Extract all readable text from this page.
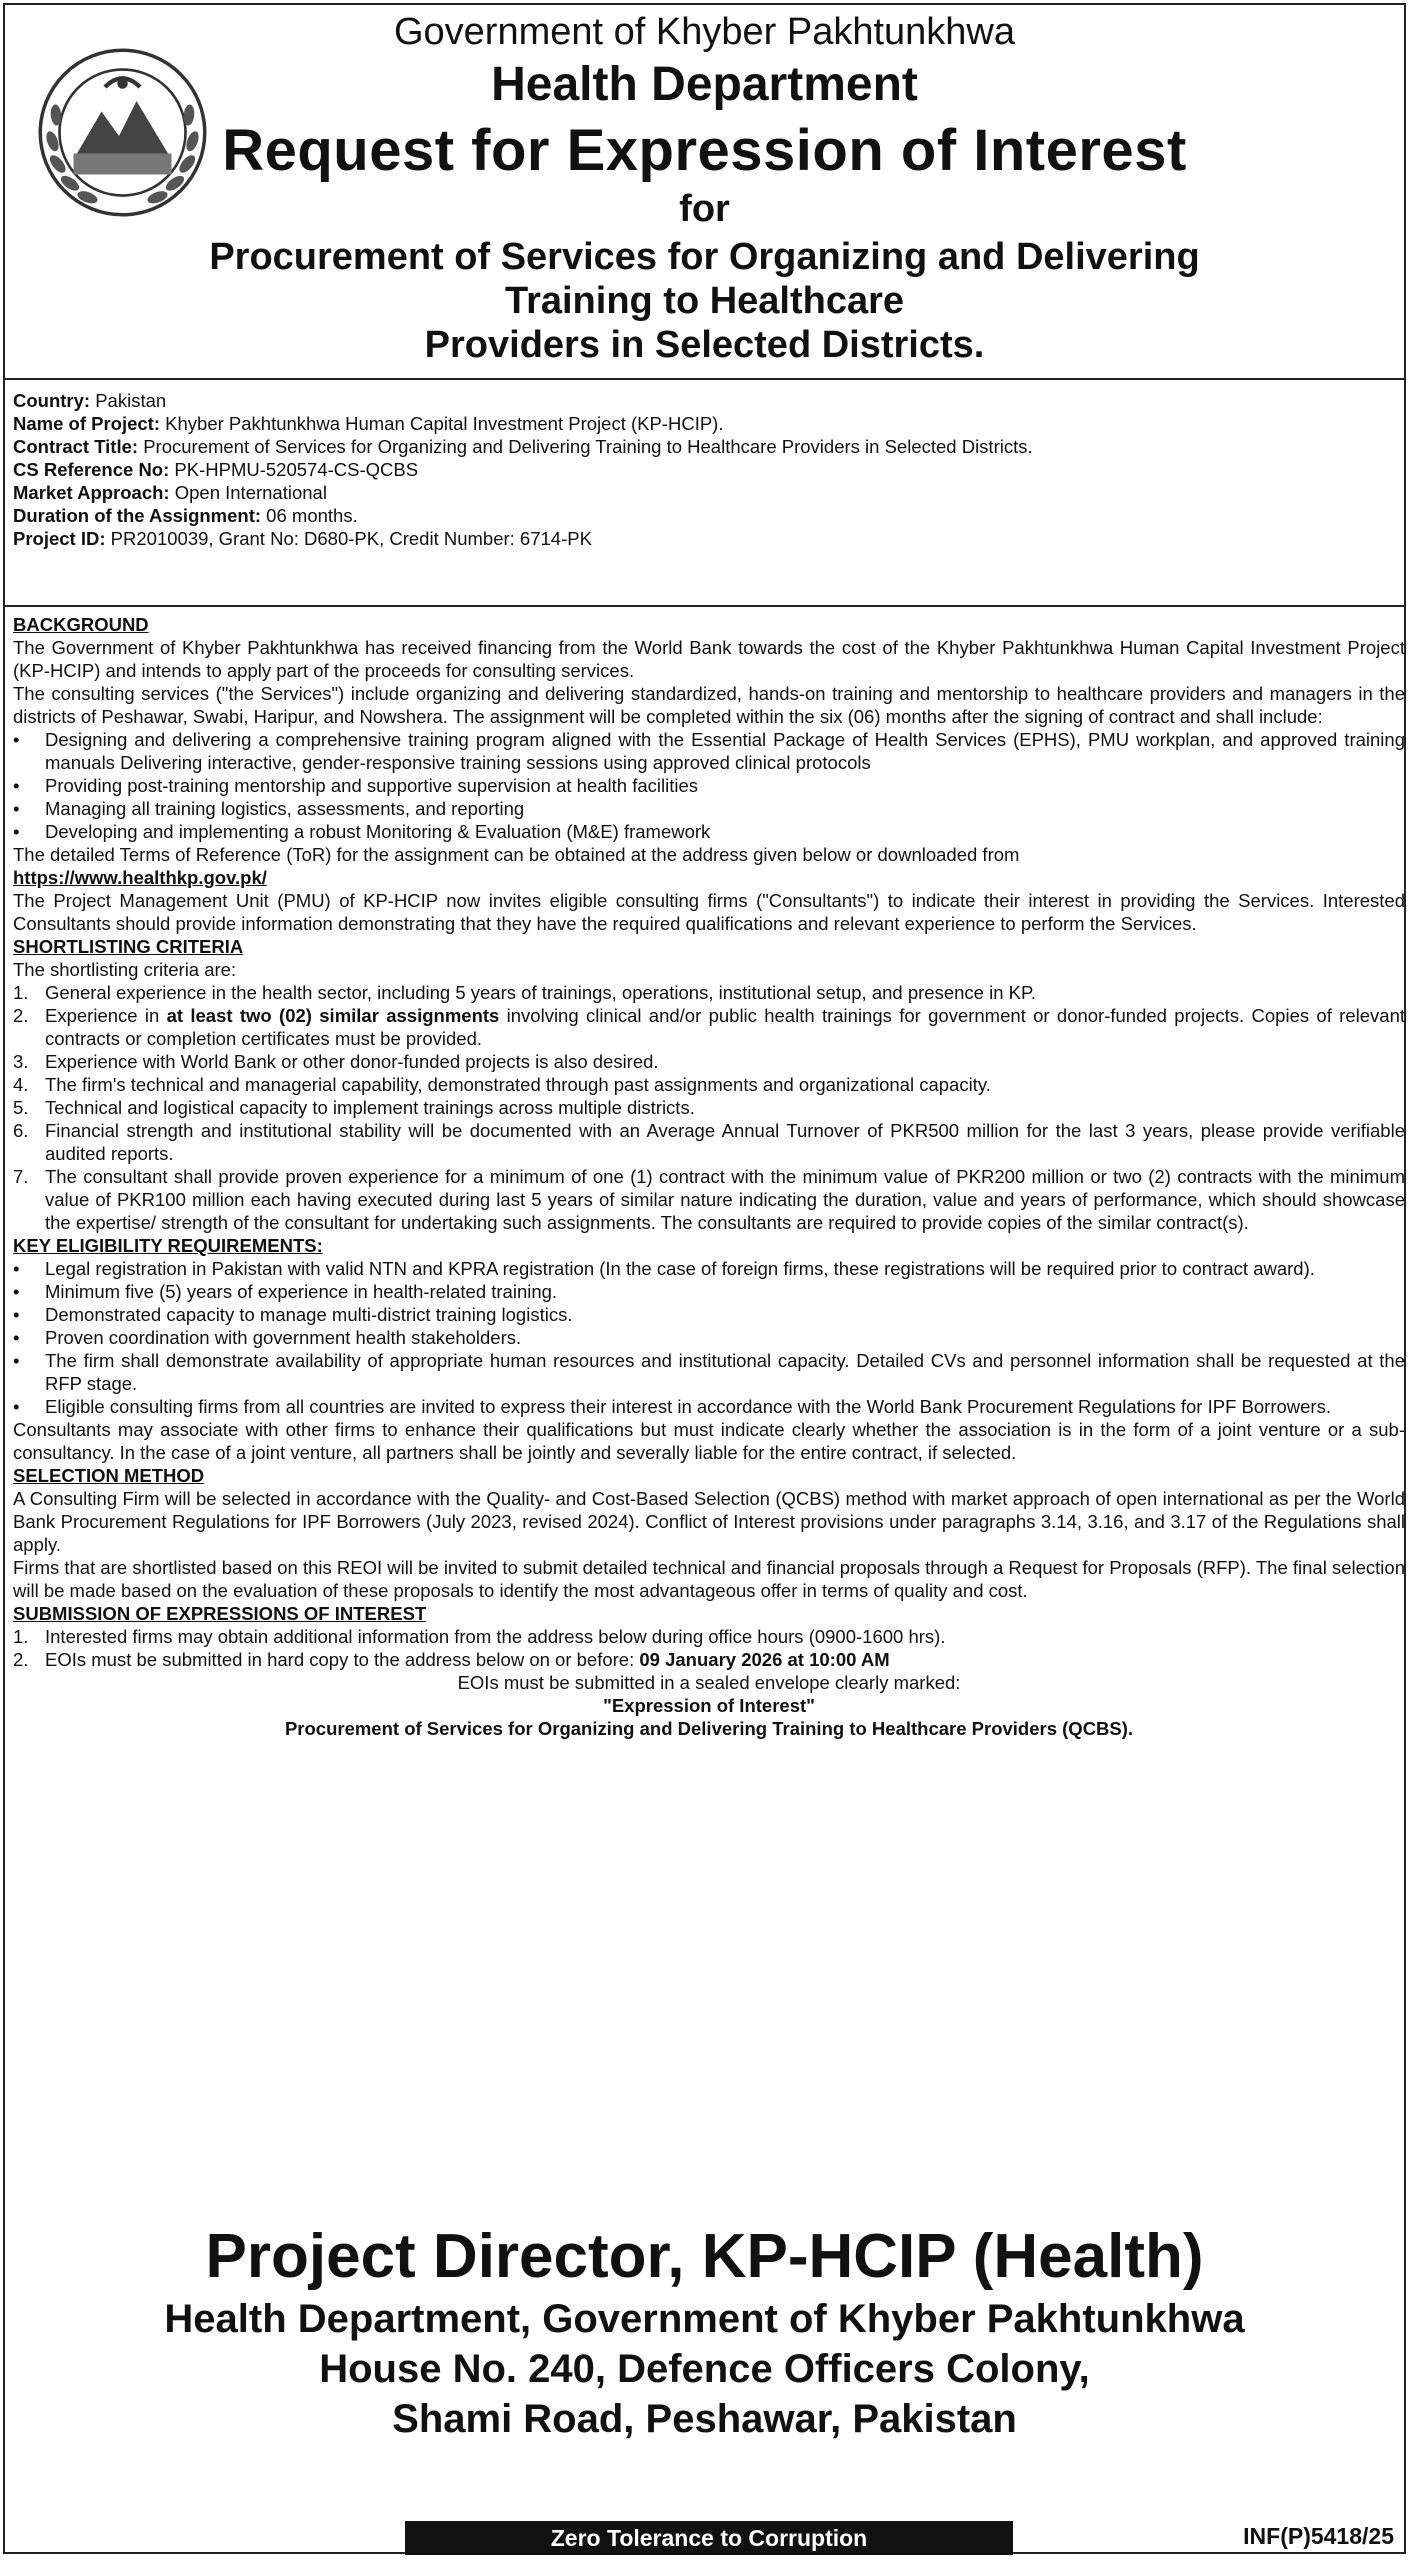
Government of Khyber Pakhtunkhwa
Health Department
Request for Expression of Interest
for
Procurement of Services for Organizing and Delivering
Training to Healthcare
Providers in Selected Districts.
Country: Pakistan
Name of Project: Khyber Pakhtunkhwa Human Capital Investment Project (KP-HCIP).
Contract Title: Procurement of Services for Organizing and Delivering Training to Healthcare Providers in Selected Districts.
CS Reference No: PK-HPMU-520574-CS-QCBS
Market Approach: Open International
Duration of the Assignment: 06 months.
Project ID: PR2010039, Grant No: D680-PK, Credit Number: 6714-PK
BACKGROUND

The Government of Khyber Pakhtunkhwa has received financing from the World Bank towards the cost of the Khyber Pakhtunkhwa Human Capital Investment Project (KP-HCIP) and intends to apply part of the proceeds for consulting services.

The consulting services ("the Services") include organizing and delivering standardized, hands-on training and mentorship to healthcare providers and managers in the districts of Peshawar, Swabi, Haripur, and Nowshera. The assignment will be completed within the six (06) months after the signing of contract and shall include:

•	Designing and delivering a comprehensive training program aligned with the Essential Package of Health Services (EPHS), PMU workplan, and approved training manuals Delivering interactive, gender-responsive training sessions using approved clinical protocols
•	Providing post-training mentorship and supportive supervision at health facilities
•	Managing all training logistics, assessments, and reporting
•	Developing and implementing a robust Monitoring & Evaluation (M&E) framework

The detailed Terms of Reference (ToR) for the assignment can be obtained at the address given below or downloaded from

https://www.healthkp.gov.pk/

The Project Management Unit (PMU) of KP-HCIP now invites eligible consulting firms ("Consultants") to indicate their interest in providing the Services. Interested Consultants should provide information demonstrating that they have the required qualifications and relevant experience to perform the Services.

SHORTLISTING CRITERIA

The shortlisting criteria are:

1. General experience in the health sector, including 5 years of trainings, operations, institutional setup, and presence in KP.
2. Experience in at least two (02) similar assignments involving clinical and/or public health trainings for government or donor-funded projects. Copies of relevant contracts or completion certificates must be provided.
3. Experience with World Bank or other donor-funded projects is also desired.
4. The firm's technical and managerial capability, demonstrated through past assignments and organizational capacity.
5. Technical and logistical capacity to implement trainings across multiple districts.
6. Financial strength and institutional stability will be documented with an Average Annual Turnover of PKR500 million for the last 3 years, please provide verifiable audited reports.
7. The consultant shall provide proven experience for a minimum of one (1) contract with the minimum value of PKR200 million or two (2) contracts with the minimum value of PKR100 million each having executed during last 5 years of similar nature indicating the duration, value and years of performance, which should showcase the expertise/ strength of the consultant for undertaking such assignments. The consultants are required to provide copies of the similar contract(s).
KEY ELIGIBILITY REQUIREMENTS:
•	Legal registration in Pakistan with valid NTN and KPRA registration (In the case of foreign firms, these registrations will be required prior to contract award).
•	Minimum five (5) years of experience in health-related training.
•	Demonstrated capacity to manage multi-district training logistics.
•	Proven coordination with government health stakeholders.
•	The firm shall demonstrate availability of appropriate human resources and institutional capacity. Detailed CVs and personnel information shall be requested at the RFP stage.
•	Eligible consulting firms from all countries are invited to express their interest in accordance with the World Bank Procurement Regulations for IPF Borrowers.

Consultants may associate with other firms to enhance their qualifications but must indicate clearly whether the association is in the form of a joint venture or a sub-consultancy. In the case of a joint venture, all partners shall be jointly and severally liable for the entire contract, if selected.

SELECTION METHOD

A Consulting Firm will be selected in accordance with the Quality- and Cost-Based Selection (QCBS) method with market approach of open international as per the World Bank Procurement Regulations for IPF Borrowers (July 2023, revised 2024). Conflict of Interest provisions under paragraphs 3.14, 3.16, and 3.17 of the Regulations shall apply.

Firms that are shortlisted based on this REOI will be invited to submit detailed technical and financial proposals through a Request for Proposals (RFP). The final selection will be made based on the evaluation of these proposals to identify the most advantageous offer in terms of quality and cost.

SUBMISSION OF EXPRESSIONS OF INTEREST
1. Interested firms may obtain additional information from the address below during office hours (0900-1600 hrs).
2. EOIs must be submitted in hard copy to the address below on or before: 09 January 2026 at 10:00 AM
EOIs must be submitted in a sealed envelope clearly marked:
"Expression of Interest"
Procurement of Services for Organizing and Delivering Training to Healthcare Providers (QCBS).
Project Director, KP-HCIP (Health)
Health Department, Government of Khyber Pakhtunkhwa
House No. 240, Defence Officers Colony,
Shami Road, Peshawar, Pakistan
Zero Tolerance to Corruption	INF(P)5418/25
